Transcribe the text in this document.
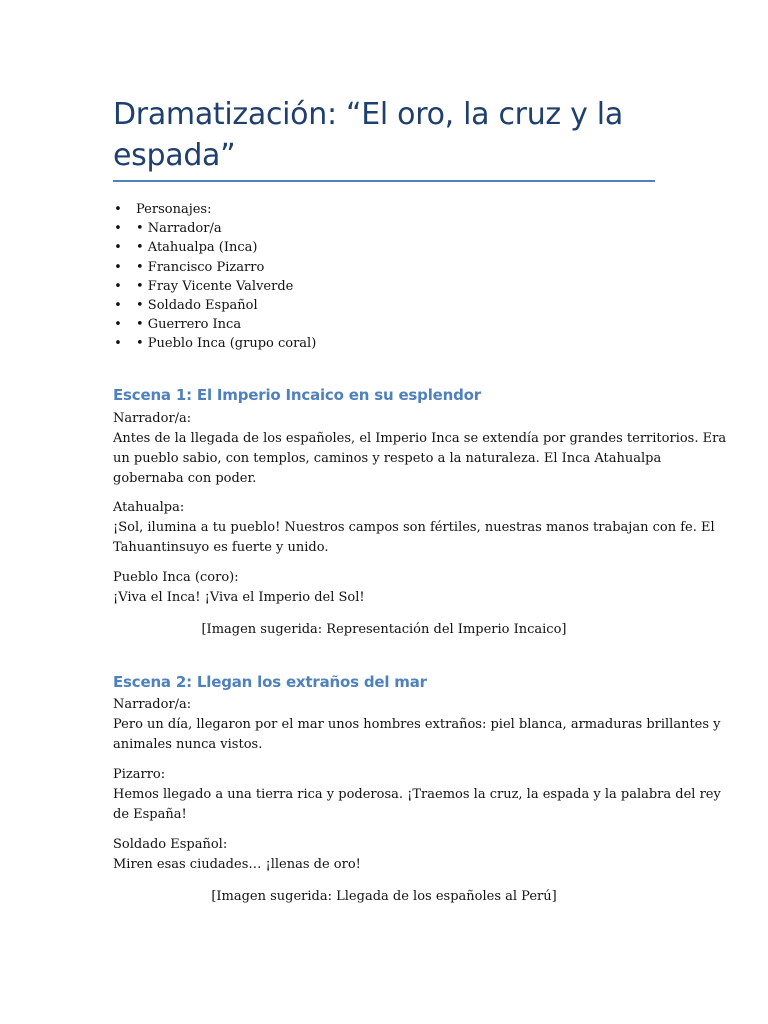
Dramatización: “El oro, la cruz y la espada”
• Personajes:
• • Narrador/a
• • Atahualpa (Inca)
• • Francisco Pizarro
• • Fray Vicente Valverde
• • Soldado Español
• • Guerrero Inca
• • Pueblo Inca (grupo coral)
Escena 1: El Imperio Incaico en su esplendor

Narrador/a:
Antes de la llegada de los españoles, el Imperio Inca se extendía por grandes territorios. Era
un pueblo sabio, con templos, caminos y respeto a la naturaleza. El Inca Atahualpa
gobernaba con poder.

Atahualpa:
¡Sol, ilumina a tu pueblo! Nuestros campos son fértiles, nuestras manos trabajan con fe. El
Tahuantinsuyo es fuerte y unido.

Pueblo Inca (coro):
¡Viva el Inca! ¡Viva el Imperio del Sol!

[Imagen sugerida: Representación del Imperio Incaico]
Escena 2: Llegan los extraños del mar

Narrador/a:
Pero un día, llegaron por el mar unos hombres extraños: piel blanca, armaduras brillantes y
animales nunca vistos.

Pizarro:
Hemos llegado a una tierra rica y poderosa. ¡Traemos la cruz, la espada y la palabra del rey
de España!

Soldado Español:
Miren esas ciudades… ¡llenas de oro!

[Imagen sugerida: Llegada de los españoles al Perú]
